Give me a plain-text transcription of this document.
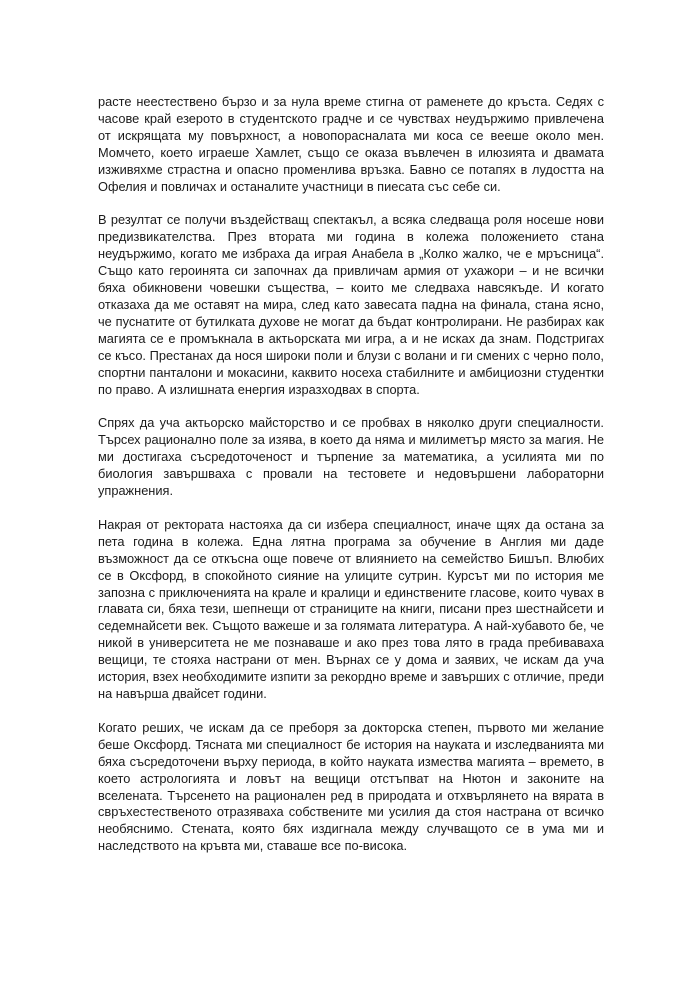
расте неестествено бързо и за нула време стигна от раменете до кръста. Седях с часове край езерото в студентското градче и се чувствах неудържимо привлечена от искрящата му повърхност, а новопорасналата ми коса се вееше около мен. Момчето, което играеше Хамлет, също се оказа въвлечен в илюзията и двамата изживяхме страстна и опасно променлива връзка. Бавно се потапях в лудостта на Офелия и повличах и останалите участници в пиесата със себе си.

В резултат се получи въздействащ спектакъл, а всяка следваща роля носеше нови предизвикателства. През втората ми година в колежа положението стана неудържимо, когато ме избраха да играя Анабела в „Колко жалко, че е мръсница“. Също като героинята си започнах да привличам армия от ухажори – и не всички бяха обикновени човешки същества, – които ме следваха навсякъде. И когато отказаха да ме оставят на мира, след като завесата падна на финала, стана ясно, че пуснатите от бутилката духове не могат да бъдат контролирани. Не разбирах как магията се е промъкнала в актьорската ми игра, а и не исках да знам. Подстригах се късо. Престанах да нося широки поли и блузи с волани и ги смених с черно поло, спортни панталони и мокасини, каквито носеха стабилните и амбициозни студентки по право. А излишната енергия изразходвах в спорта.

Спрях да уча актьорско майсторство и се пробвах в няколко други специалности. Търсех рационално поле за изява, в което да няма и милиметър място за магия. Не ми достигаха съсредоточеност и търпение за математика, а усилията ми по биология завършваха с провали на тестовете и недовършени лабораторни упражнения.

Накрая от ректората настояха да си избера специалност, иначе щях да остана за пета година в колежа. Една лятна програма за обучение в Англия ми даде възможност да се откъсна още повече от влиянието на семейство Бишъп. Влюбих се в Оксфорд, в спокойното сияние на улиците сутрин. Курсът ми по история ме запозна с приключенията на крале и кралици и единствените гласове, които чувах в главата си, бяха тези, шепнещи от страниците на книги, писани през шестнайсети и седемнайсети век. Същото важеше и за голямата литература. А най-хубавото бе, че никой в университета не ме познаваше и ако през това лято в града пребиваваха вещици, те стояха настрани от мен. Върнах се у дома и заявих, че искам да уча история, взех необходимите изпити за рекордно време и завърших с отличие, преди на навърша двайсет години.

Когато реших, че искам да се преборя за докторска степен, първото ми желание беше Оксфорд. Тясната ми специалност бе история на науката и изследванията ми бяха съсредоточени върху периода, в който науката измества магията – времето, в което астрологията и ловът на вещици отстъпват на Нютон и законите на вселената. Търсенето на рационален ред в природата и отхвърлянето на вярата в свръхестественото отразяваха собствените ми усилия да стоя настрана от всичко необяснимо. Стената, която бях издигнала между случващото се в ума ми и наследството на кръвта ми, ставаше все по-висока.
